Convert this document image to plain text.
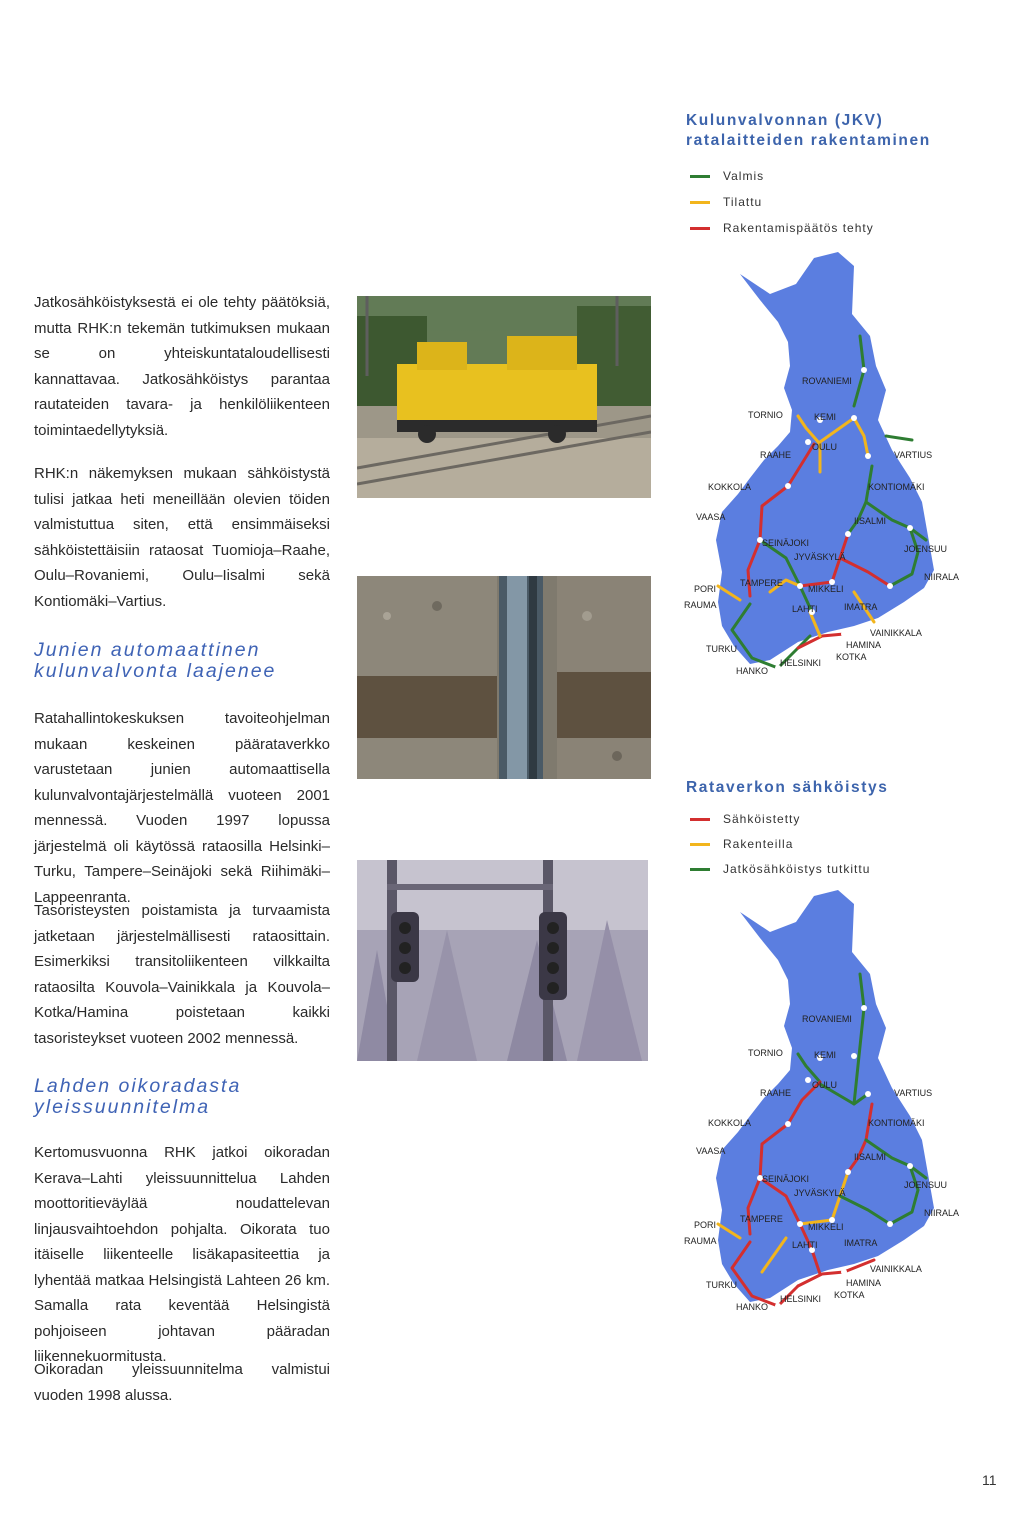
Jatkosähköistyksestä ei ole tehty päätöksiä, mutta RHK:n tekemän tutkimuksen mukaan se on yhteiskuntataloudellisesti kannattavaa. Jatkosähköistys parantaa rautateiden tavara- ja henkilöliikenteen toimintaedellytyksiä.

RHK:n näkemyksen mukaan sähköistystä tulisi jatkaa heti meneillään olevien töiden valmistuttua siten, että ensimmäiseksi sähköistettäisiin rataosat Tuomioja–Raahe, Oulu–Rovaniemi, Oulu–Iisalmi sekä Kontiomäki–Vartius.

Junien automaattinen kulunvalvonta laajenee

Ratahallintokeskuksen tavoiteohjelman mukaan keskeinen päärataverkko varustetaan junien automaattisella kulunvalvontajärjestelmällä vuoteen 2001 mennessä. Vuoden 1997 lopussa järjestelmä oli käytössä rataosilla Helsinki–Turku, Tampere–Seinäjoki sekä Riihimäki–Lappeenranta.

Tasoristeysten poistamista ja turvaamista jatketaan järjestelmällisesti rataosittain. Esimerkiksi transitoliikenteen vilkkailta rataosilta Kouvola–Vainikkala ja Kouvola–Kotka/Hamina poistetaan kaikki tasoristeykset vuoteen 2002 mennessä.

Lahden oikoradasta yleissuunnitelma

Kertomusvuonna RHK jatkoi oikoradan Kerava–Lahti yleissuunnittelua Lahden moottoritieväylää noudattelevan linjausvaihtoehdon pohjalta. Oikorata tuo itäiselle liikenteelle lisäkapasiteettia ja lyhentää matkaa Helsingistä Lahteen 26 km. Samalla rata keventää Helsingistä pohjoiseen johtavan pääradan liikennekuormitusta.

Oikoradan yleissuunnitelma valmistui vuoden 1998 alussa.

Kulunvalvonnan (JKV)
ratalaitteiden rakentaminen
Valmis
Tilattu
Rakentamispäätös tehty
ROVANIEMI
TORNIO	KEMI
RAAHE
OULU
VARTIUS
KOKKOLA	KONTIOMÄKI
VAASA	IISALMI
SEINÄJOKI
JYVÄSKYLÄ
JOENSUU
NIIRALA
PORI
RAUMA
TAMPERE
MIKKELI
LAHTI	IMATRA
VAINIKKALA
TURKU	HAMINA
KOTKA
HELSINKI
HANKO
Rataverkon sähköistys
Sähköistetty
Rakenteilla
Jatkösähköistys tutkittu
ROVANIEMI
TORNIO	KEMI
RAAHE
OULU
VARTIUS
KOKKOLA	KONTIOMÄKI
VAASA
IISALMI
SEINÄJOKI
JYVÄSKYLÄ
JOENSUU
NIIRALA
PORI
RAUMA
TAMPERE
MIKKELI
LAHTI	IMATRA
VAINIKKALA
TURKU	HAMINA
KOTKA
HELSINKI
HANKO
11
